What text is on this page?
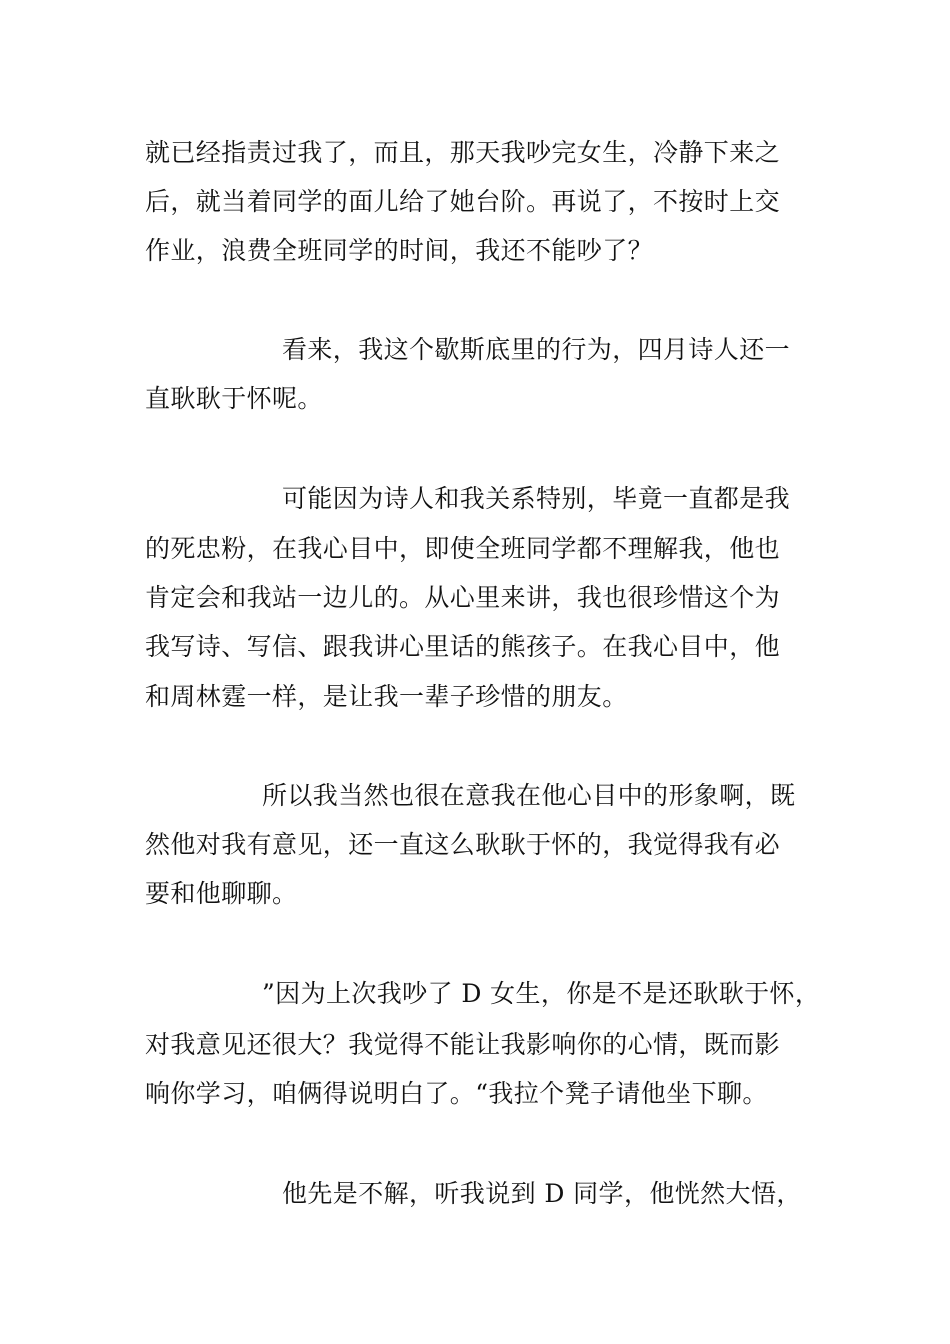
就已经指责过我了，而且，那天我吵完女生，冷静下来之
后，就当着同学的面儿给了她台阶。再说了，不按时上交
作业，浪费全班同学的时间，我还不能吵了？
看来，我这个歇斯底里的行为，四月诗人还一
直耿耿于怀呢。
可能因为诗人和我关系特别，毕竟一直都是我
的死忠粉，在我心目中，即使全班同学都不理解我，他也
肯定会和我站一边儿的。从心里来讲，我也很珍惜这个为
我写诗、写信、跟我讲心里话的熊孩子。在我心目中，他
和周林霆一样，是让我一辈子珍惜的朋友。
所以我当然也很在意我在他心目中的形象啊，既
然他对我有意见，还一直这么耿耿于怀的，我觉得我有必
要和他聊聊。
”因为上次我吵了 D 女生，你是不是还耿耿于怀，
对我意见还很大？我觉得不能让我影响你的心情，既而影
响你学习，咱俩得说明白了。“我拉个凳子请他坐下聊。
他先是不解，听我说到 D 同学，他恍然大悟，
